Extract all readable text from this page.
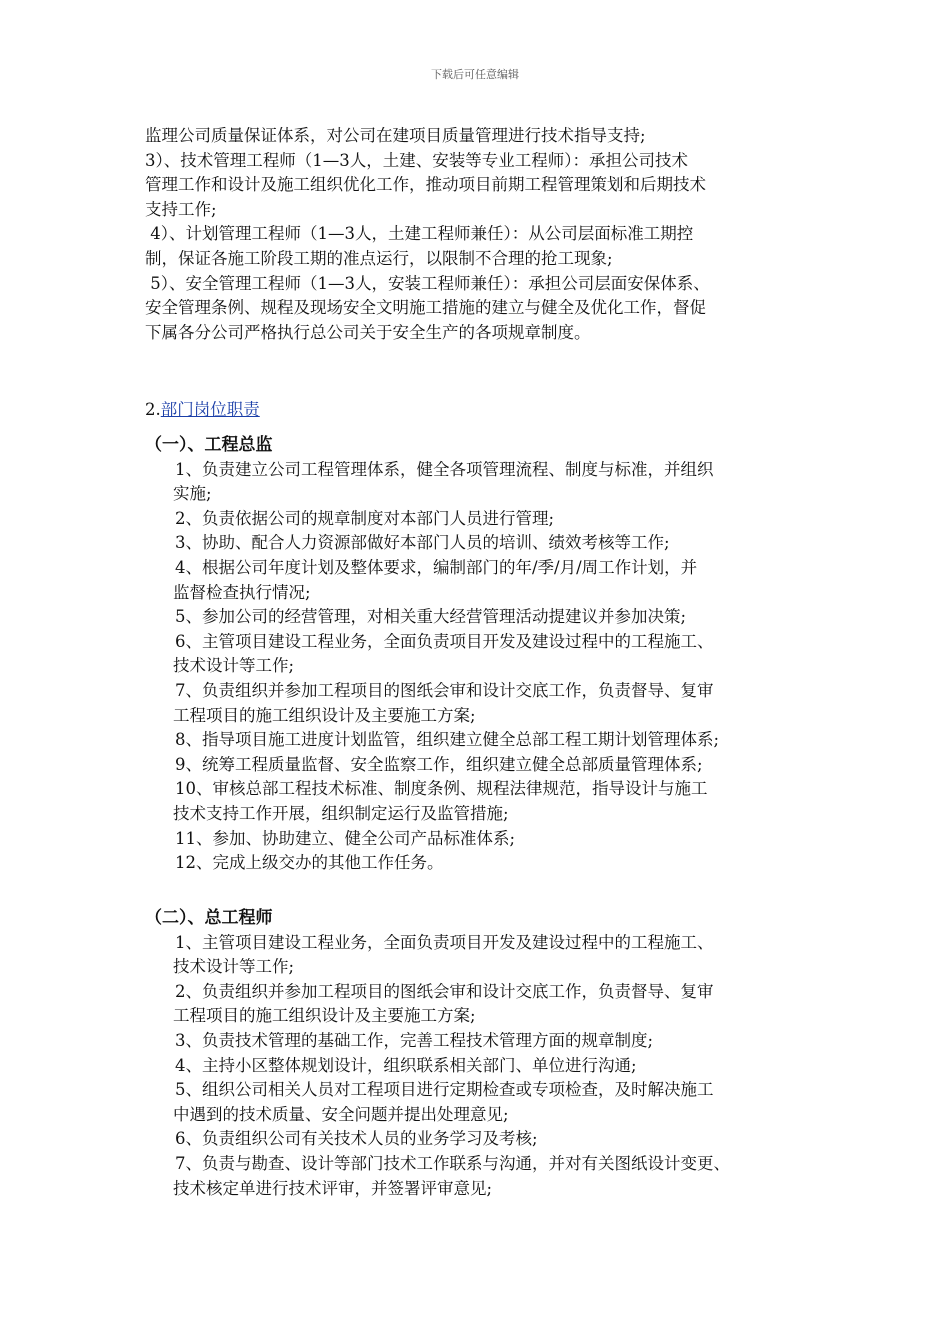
下载后可任意编辑
监理公司质量保证体系，对公司在建项目质量管理进行技术指导支持;
3）、技术管理工程师（1—3人，土建、安装等专业工程师）：承担公司技术
管理工作和设计及施工组织优化工作，推动项目前期工程管理策划和后期技术
支持工作;
4）、计划管理工程师（1—3人，土建工程师兼任）：从公司层面标准工期控
制，保证各施工阶段工期的准点运行，以限制不合理的抢工现象;
5）、安全管理工程师（1—3人，安装工程师兼任）：承担公司层面安保体系、
安全管理条例、规程及现场安全文明施工措施的建立与健全及优化工作，督促
下属各分公司严格执行总公司关于安全生产的各项规章制度。
2.部门岗位职责
（一）、工程总监
1、负责建立公司工程管理体系，健全各项管理流程、制度与标准，并组织
实施;
2、负责依据公司的规章制度对本部门人员进行管理;
3、协助、配合人力资源部做好本部门人员的培训、绩效考核等工作;
4、根据公司年度计划及整体要求，编制部门的年/季/月/周工作计划，并
监督检查执行情况;
5、参加公司的经营管理，对相关重大经营管理活动提建议并参加决策;
6、主管项目建设工程业务，全面负责项目开发及建设过程中的工程施工、
技术设计等工作;
7、负责组织并参加工程项目的图纸会审和设计交底工作，负责督导、复审
工程项目的施工组织设计及主要施工方案;
8、指导项目施工进度计划监管，组织建立健全总部工程工期计划管理体系;
9、统筹工程质量监督、安全监察工作，组织建立健全总部质量管理体系;
10、审核总部工程技术标准、制度条例、规程法律规范，指导设计与施工
技术支持工作开展，组织制定运行及监管措施;
11、参加、协助建立、健全公司产品标准体系;
12、完成上级交办的其他工作任务。
（二）、总工程师
1、主管项目建设工程业务，全面负责项目开发及建设过程中的工程施工、
技术设计等工作;
2、负责组织并参加工程项目的图纸会审和设计交底工作，负责督导、复审
工程项目的施工组织设计及主要施工方案;
3、负责技术管理的基础工作，完善工程技术管理方面的规章制度;
4、主持小区整体规划设计，组织联系相关部门、单位进行沟通;
5、组织公司相关人员对工程项目进行定期检查或专项检查，及时解决施工
中遇到的技术质量、安全问题并提出处理意见;
6、负责组织公司有关技术人员的业务学习及考核;
7、负责与勘查、设计等部门技术工作联系与沟通，并对有关图纸设计变更、
技术核定单进行技术评审，并签署评审意见;
